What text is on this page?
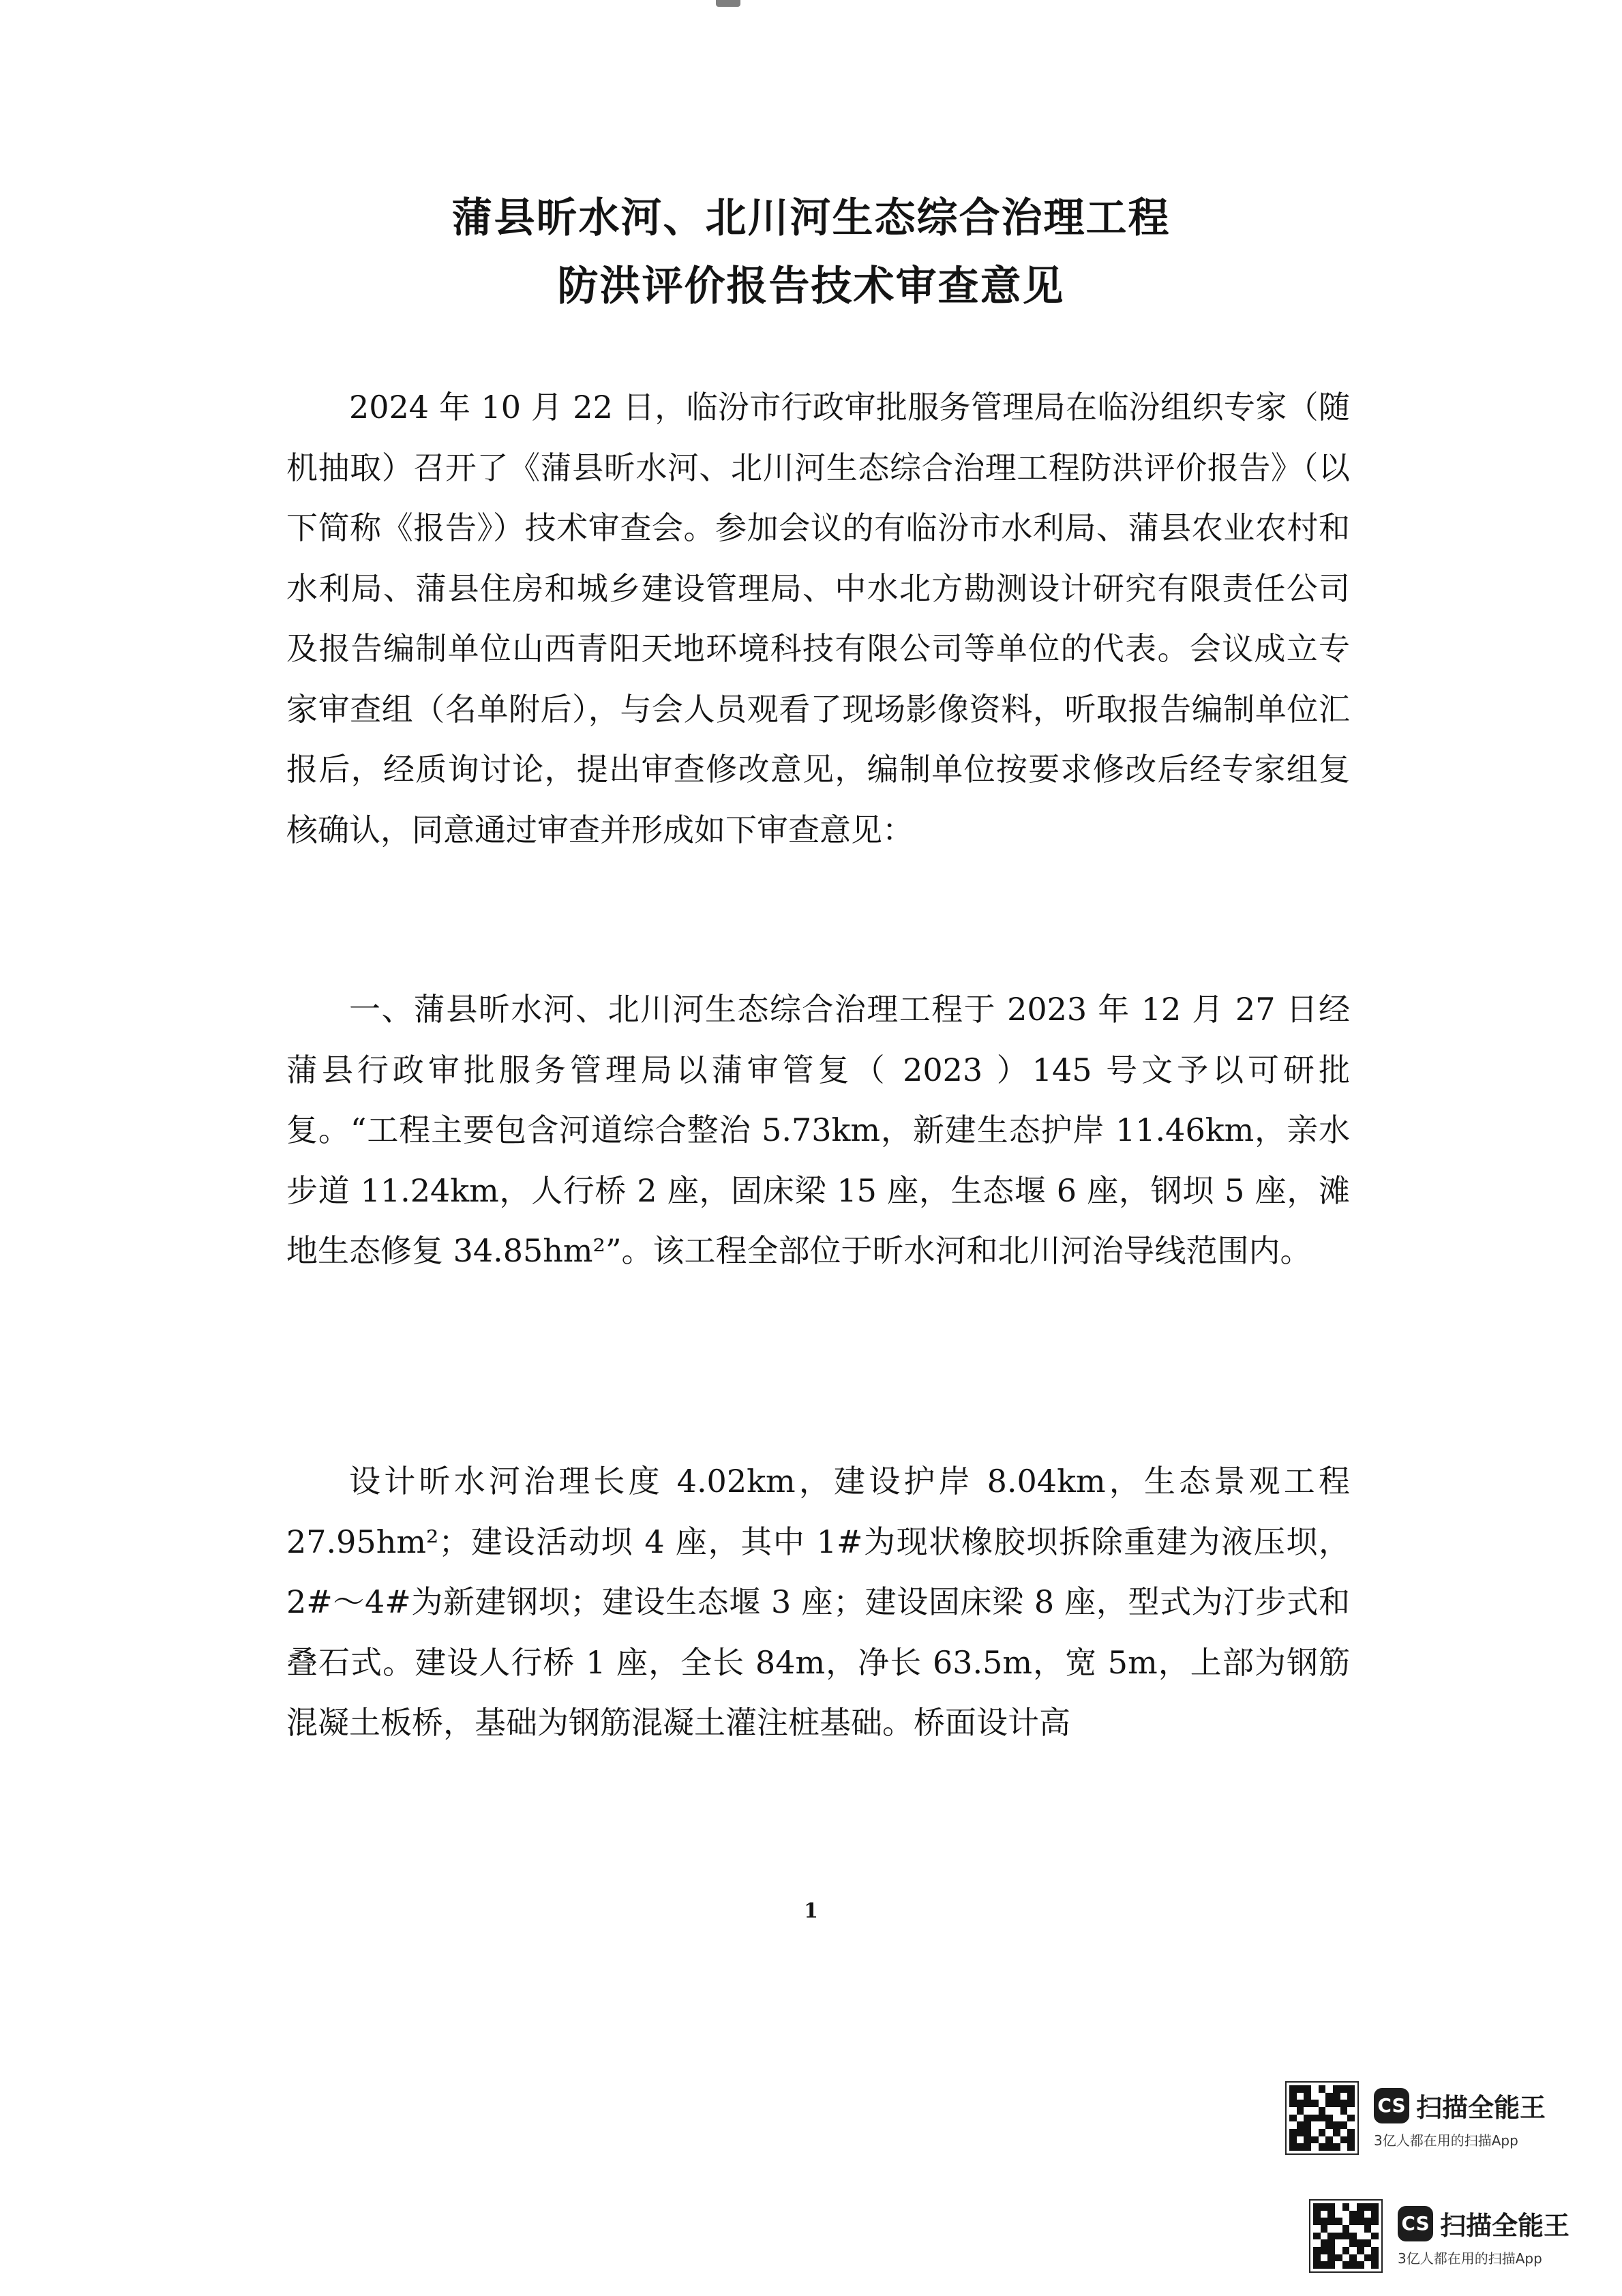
蒲县昕水河、北川河生态综合治理工程
防洪评价报告技术审查意见

2024 年 10 月 22 日，临汾市行政审批服务管理局在临汾组织专家（随机抽取）召开了《蒲县昕水河、北川河生态综合治理工程防洪评价报告》（以下简称《报告》）技术审查会。参加会议的有临汾市水利局、蒲县农业农村和水利局、蒲县住房和城乡建设管理局、中水北方勘测设计研究有限责任公司及报告编制单位山西青阳天地环境科技有限公司等单位的代表。会议成立专家审查组（名单附后），与会人员观看了现场影像资料，听取报告编制单位汇报后，经质询讨论，提出审查修改意见，编制单位按要求修改后经专家组复核确认，同意通过审查并形成如下审查意见：

一、蒲县昕水河、北川河生态综合治理工程于 2023 年 12 月 27 日经蒲县行政审批服务管理局以蒲审管复（ 2023 ）145 号文予以可研批复。“工程主要包含河道综合整治 5.73km，新建生态护岸 11.46km，亲水步道 11.24km，人行桥 2 座，固床梁 15 座，生态堰 6 座，钢坝 5 座，滩地生态修复 34.85hm²”。该工程全部位于昕水河和北川河治导线范围内。

设计昕水河治理长度 4.02km，建设护岸 8.04km，生态景观工程 27.95hm²；建设活动坝 4 座，其中 1#为现状橡胶坝拆除重建为液压坝，2#～4#为新建钢坝；建设生态堰 3 座；建设固床梁 8 座，型式为汀步式和叠石式。建设人行桥 1 座，全长 84m，净长 63.5m，宽 5m，上部为钢筋混凝土板桥，基础为钢筋混凝土灌注桩基础。桥面设计高

1
CS 扫描全能王
3亿人都在用的扫描App
CS 扫描全能王
3亿人都在用的扫描App
